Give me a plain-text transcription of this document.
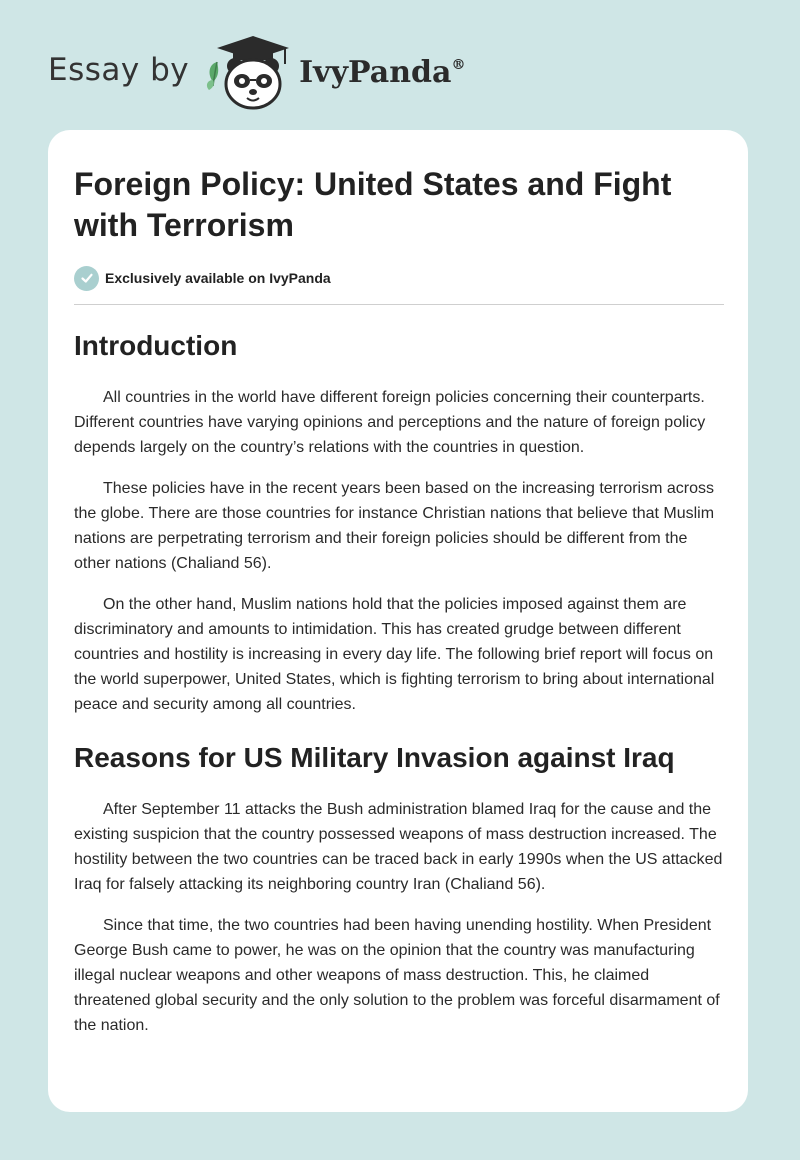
Essay by	IvyPanda®
Foreign Policy: United States and Fight with Terrorism
Exclusively available on IvyPanda
Introduction

All countries in the world have different foreign policies concerning their counterparts. Different countries have varying opinions and perceptions and the nature of foreign policy depends largely on the country’s relations with the countries in question.

These policies have in the recent years been based on the increasing terrorism across the globe. There are those countries for instance Christian nations that believe that Muslim nations are perpetrating terrorism and their foreign policies should be different from the other nations (Chaliand 56).

On the other hand, Muslim nations hold that the policies imposed against them are discriminatory and amounts to intimidation. This has created grudge between different countries and hostility is increasing in every day life. The following brief report will focus on the world superpower, United States, which is fighting terrorism to bring about international peace and security among all countries.

Reasons for US Military Invasion against Iraq

After September 11 attacks the Bush administration blamed Iraq for the cause and the existing suspicion that the country possessed weapons of mass destruction increased. The hostility between the two countries can be traced back in early 1990s when the US attacked Iraq for falsely attacking its neighboring country Iran (Chaliand 56).

Since that time, the two countries had been having unending hostility. When President George Bush came to power, he was on the opinion that the country was manufacturing illegal nuclear weapons and other weapons of mass destruction. This, he claimed threatened global security and the only solution to the problem was forceful disarmament of the nation.
